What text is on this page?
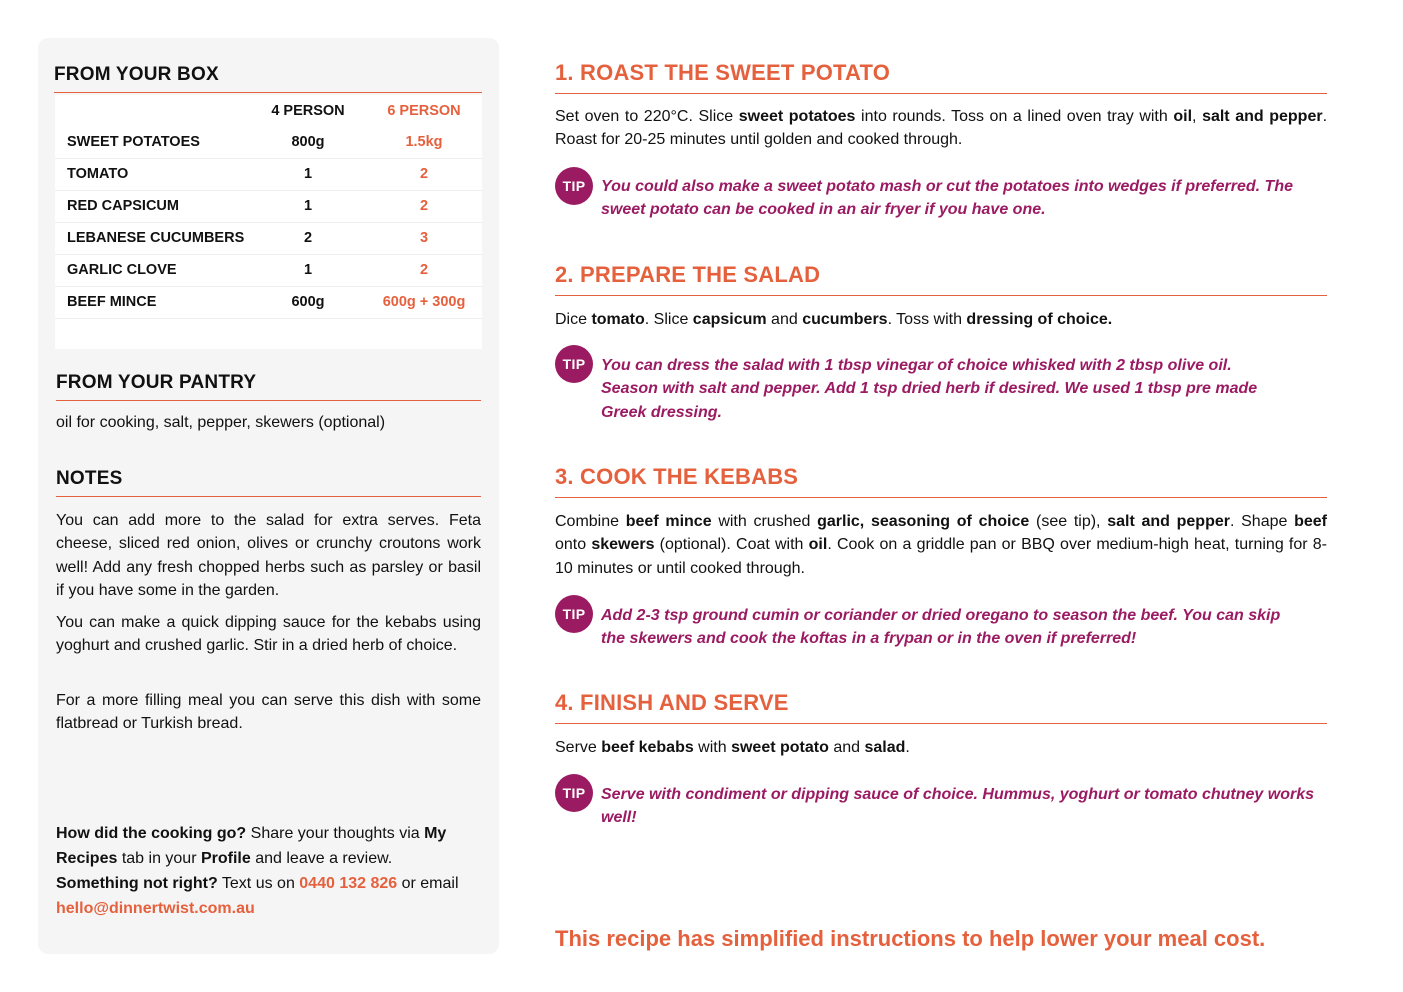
FROM YOUR BOX
4 PERSON	6 PERSON
SWEET POTATOES	800g	1.5kg
TOMATO	1	2
RED CAPSICUM	1	2
LEBANESE CUCUMBERS	2	3
GARLIC CLOVE	1	2
BEEF MINCE	600g	600g + 300g
FROM YOUR PANTRY
oil for cooking, salt, pepper, skewers (optional)
NOTES

You can add more to the salad for extra serves. Feta cheese, sliced red onion, olives or crunchy croutons work well! Add any fresh chopped herbs such as parsley or basil if you have some in the garden.

You can make a quick dipping sauce for the kebabs using yoghurt and crushed garlic. Stir in a dried herb of choice.

For a more filling meal you can serve this dish with some flatbread or Turkish bread.

How did the cooking go? Share your thoughts via My Recipes tab in your Profile and leave a review.
Something not right? Text us on 0440 132 826 or email hello@dinnertwist.com.au
1. ROAST THE SWEET POTATO
Set oven to 220°C. Slice sweet potatoes into rounds. Toss on a lined oven tray with oil, salt and pepper. Roast for 20-25 minutes until golden and cooked through.
TIP You could also make a sweet potato mash or cut the potatoes into wedges if preferred. The sweet potato can be cooked in an air fryer if you have one.
2. PREPARE THE SALAD
Dice tomato. Slice capsicum and cucumbers. Toss with dressing of choice.
TIP You can dress the salad with 1 tbsp vinegar of choice whisked with 2 tbsp olive oil. Season with salt and pepper. Add 1 tsp dried herb if desired. We used 1 tbsp pre made Greek dressing.
3. COOK THE KEBABS
Combine beef mince with crushed garlic, seasoning of choice (see tip), salt and pepper. Shape beef onto skewers (optional). Coat with oil. Cook on a griddle pan or BBQ over medium-high heat, turning for 8-10 minutes or until cooked through.
TIP Add 2-3 tsp ground cumin or coriander or dried oregano to season the beef. You can skip the skewers and cook the koftas in a frypan or in the oven if preferred!
4. FINISH AND SERVE
Serve beef kebabs with sweet potato and salad.
TIP Serve with condiment or dipping sauce of choice. Hummus, yoghurt or tomato chutney works well!
This recipe has simplified instructions to help lower your meal cost.
